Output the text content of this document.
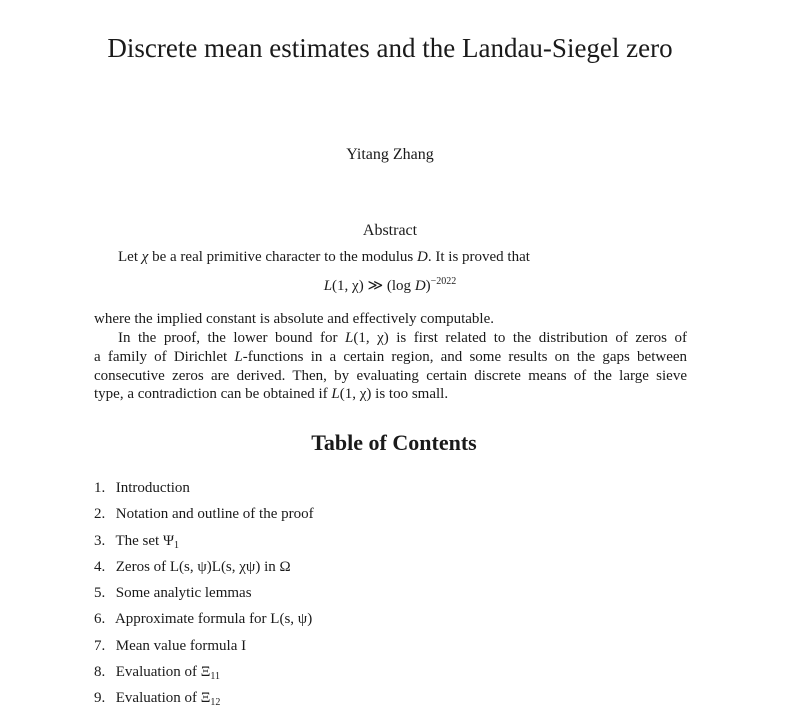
Discrete mean estimates and the Landau-Siegel zero
Yitang Zhang
Abstract
Let χ be a real primitive character to the modulus D. It is proved that
L(1, χ) ≫ (log D)$^{-2022}$
where the implied constant is absolute and effectively computable.
In the proof, the lower bound for L(1, χ) is first related to the distribution of zeros of
a family of Dirichlet L-functions in a certain region, and some results on the gaps between
consecutive zeros are derived. Then, by evaluating certain discrete means of the large sieve
type, a contradiction can be obtained if L(1, χ) is too small.
Table of Contents
1. Introduction
2. Notation and outline of the proof
3. The set $\Psi_1$
4. Zeros of L(s, ψ)L(s, χψ) in Ω
5. Some analytic lemmas
6. Approximate formula for L(s, ψ)
7. Mean value formula I
8. Evaluation of $\Xi_{11}$
9. Evaluation of $\Xi_{12}$
